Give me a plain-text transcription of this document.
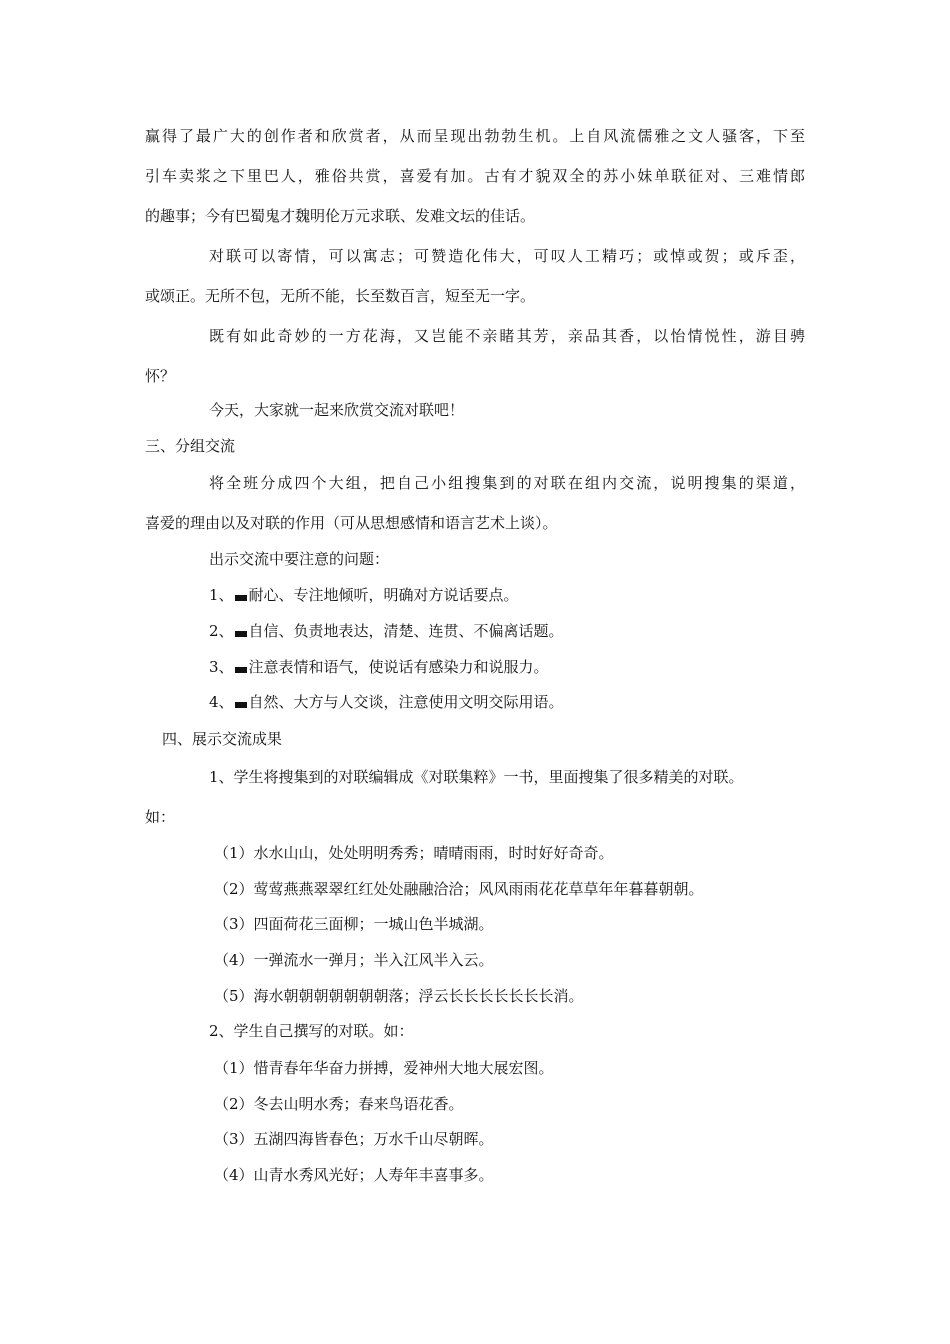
赢得了最广大的创作者和欣赏者，从而呈现出勃勃生机。上自风流儒雅之文人骚客，下至
引车卖浆之下里巴人，雅俗共赏，喜爱有加。古有才貌双全的苏小妹单联征对、三难情郎
的趣事；今有巴蜀鬼才魏明伦万元求联、发难文坛的佳话。
对联可以寄情，可以寓志；可赞造化伟大，可叹人工精巧；或悼或贺；或斥歪，
或颂正。无所不包，无所不能，长至数百言，短至无一字。
既有如此奇妙的一方花海，又岂能不亲睹其芳，亲品其香，以怡情悦性，游目骋
怀？
今天，大家就一起来欣赏交流对联吧！
三、分组交流
将全班分成四个大组，把自己小组搜集到的对联在组内交流，说明搜集的渠道，
喜爱的理由以及对联的作用（可从思想感情和语言艺术上谈）。
出示交流中要注意的问题：
1、 耐心、专注地倾听，明确对方说话要点。
2、 自信、负责地表达，清楚、连贯、不偏离话题。
3、 注意表情和语气，使说话有感染力和说服力。
4、 自然、大方与人交谈，注意使用文明交际用语。
四、展示交流成果
1、学生将搜集到的对联编辑成《对联集粹》一书，里面搜集了很多精美的对联。
如：
（1）水水山山，处处明明秀秀；晴晴雨雨，时时好好奇奇。
（2）莺莺燕燕翠翠红红处处融融洽洽；风风雨雨花花草草年年暮暮朝朝。
（3）四面荷花三面柳；一城山色半城湖。
（4）一弹流水一弹月；半入江风半入云。
（5）海水朝朝朝朝朝朝朝落；浮云长长长长长长长消。
2、学生自己撰写的对联。如：
（1）惜青春年华奋力拼搏，爱神州大地大展宏图。
（2）冬去山明水秀；春来鸟语花香。
（3）五湖四海皆春色；万水千山尽朝晖。
（4）山青水秀风光好；人寿年丰喜事多。
